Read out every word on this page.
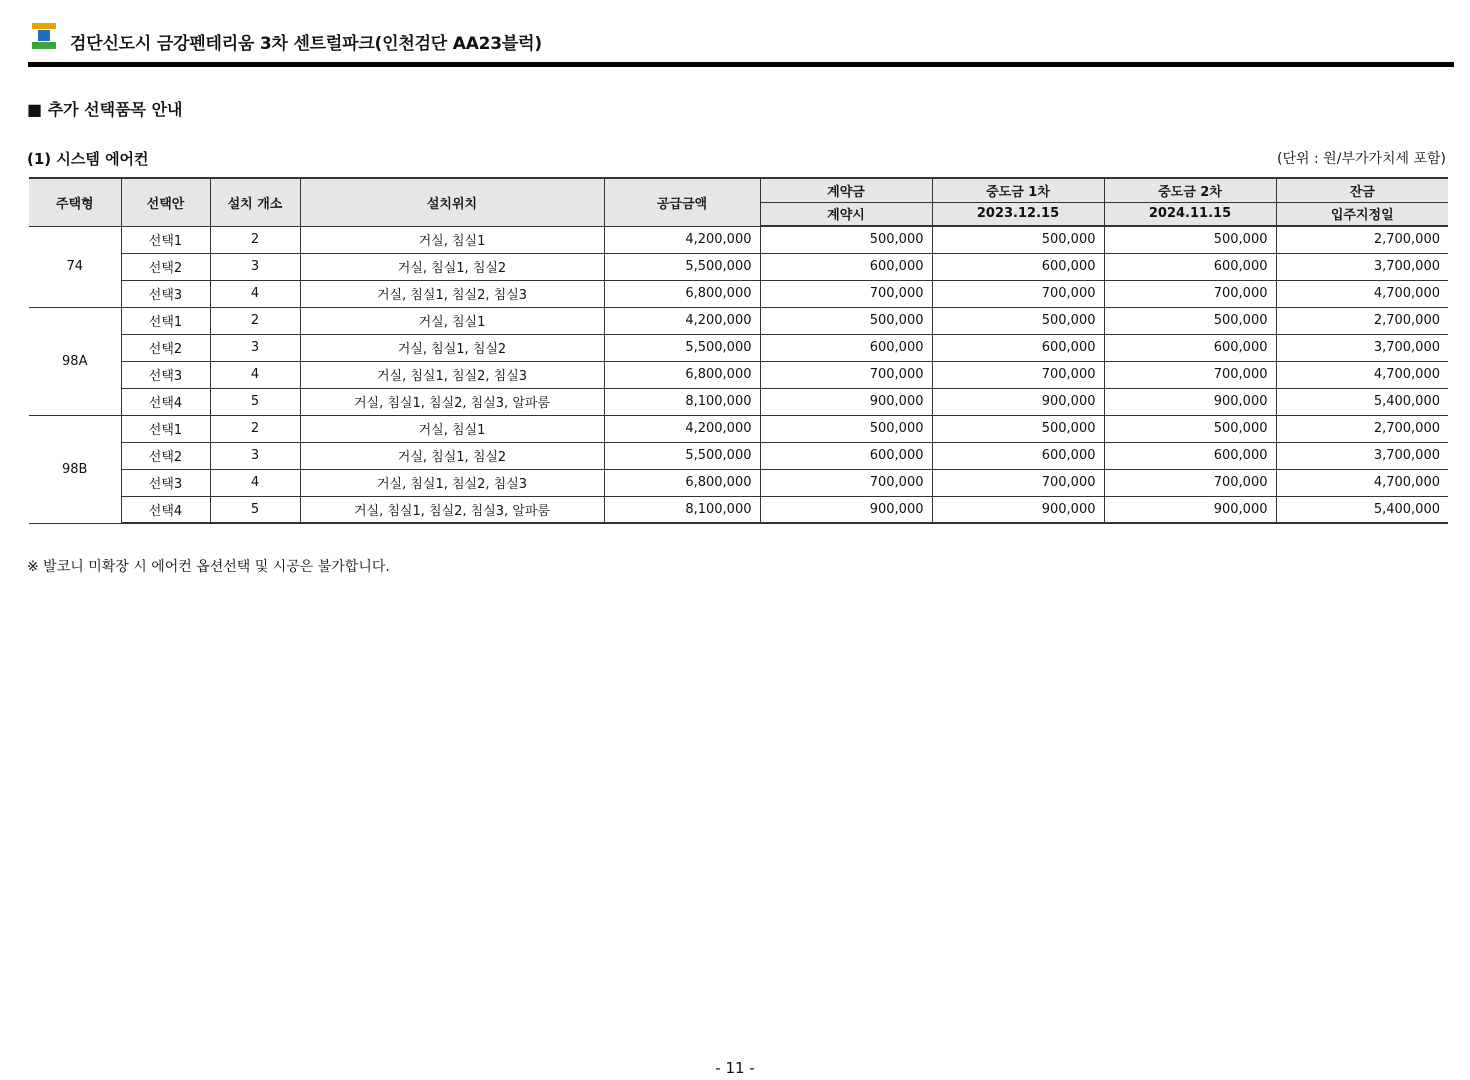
검단신도시 금강펜테리움 3차 센트럴파크(인천검단 AA23블럭)
■ 추가 선택품목 안내
(1) 시스템 에어컨	(단위 : 원/부가가치세 포함)
주택형	선택안	설치 개소	설치위치	공급금액	계약금	중도금 1차	중도금 2차	잔금
					계약시	2023.12.15	2024.11.15	입주지정일
74	선택1	2	거실, 침실1	4,200,000	500,000	500,000	500,000	2,700,000
	선택2	3	거실, 침실1, 침실2	5,500,000	600,000	600,000	600,000	3,700,000
	선택3	4	거실, 침실1, 침실2, 침실3	6,800,000	700,000	700,000	700,000	4,700,000
98A	선택1	2	거실, 침실1	4,200,000	500,000	500,000	500,000	2,700,000
	선택2	3	거실, 침실1, 침실2	5,500,000	600,000	600,000	600,000	3,700,000
	선택3	4	거실, 침실1, 침실2, 침실3	6,800,000	700,000	700,000	700,000	4,700,000
	선택4	5	거실, 침실1, 침실2, 침실3, 알파룸	8,100,000	900,000	900,000	900,000	5,400,000
98B	선택1	2	거실, 침실1	4,200,000	500,000	500,000	500,000	2,700,000
	선택2	3	거실, 침실1, 침실2	5,500,000	600,000	600,000	600,000	3,700,000
	선택3	4	거실, 침실1, 침실2, 침실3	6,800,000	700,000	700,000	700,000	4,700,000
	선택4	5	거실, 침실1, 침실2, 침실3, 알파룸	8,100,000	900,000	900,000	900,000	5,400,000
※ 발코니 미확장 시 에어컨 옵션선택 및 시공은 불가합니다.
- 11 -
